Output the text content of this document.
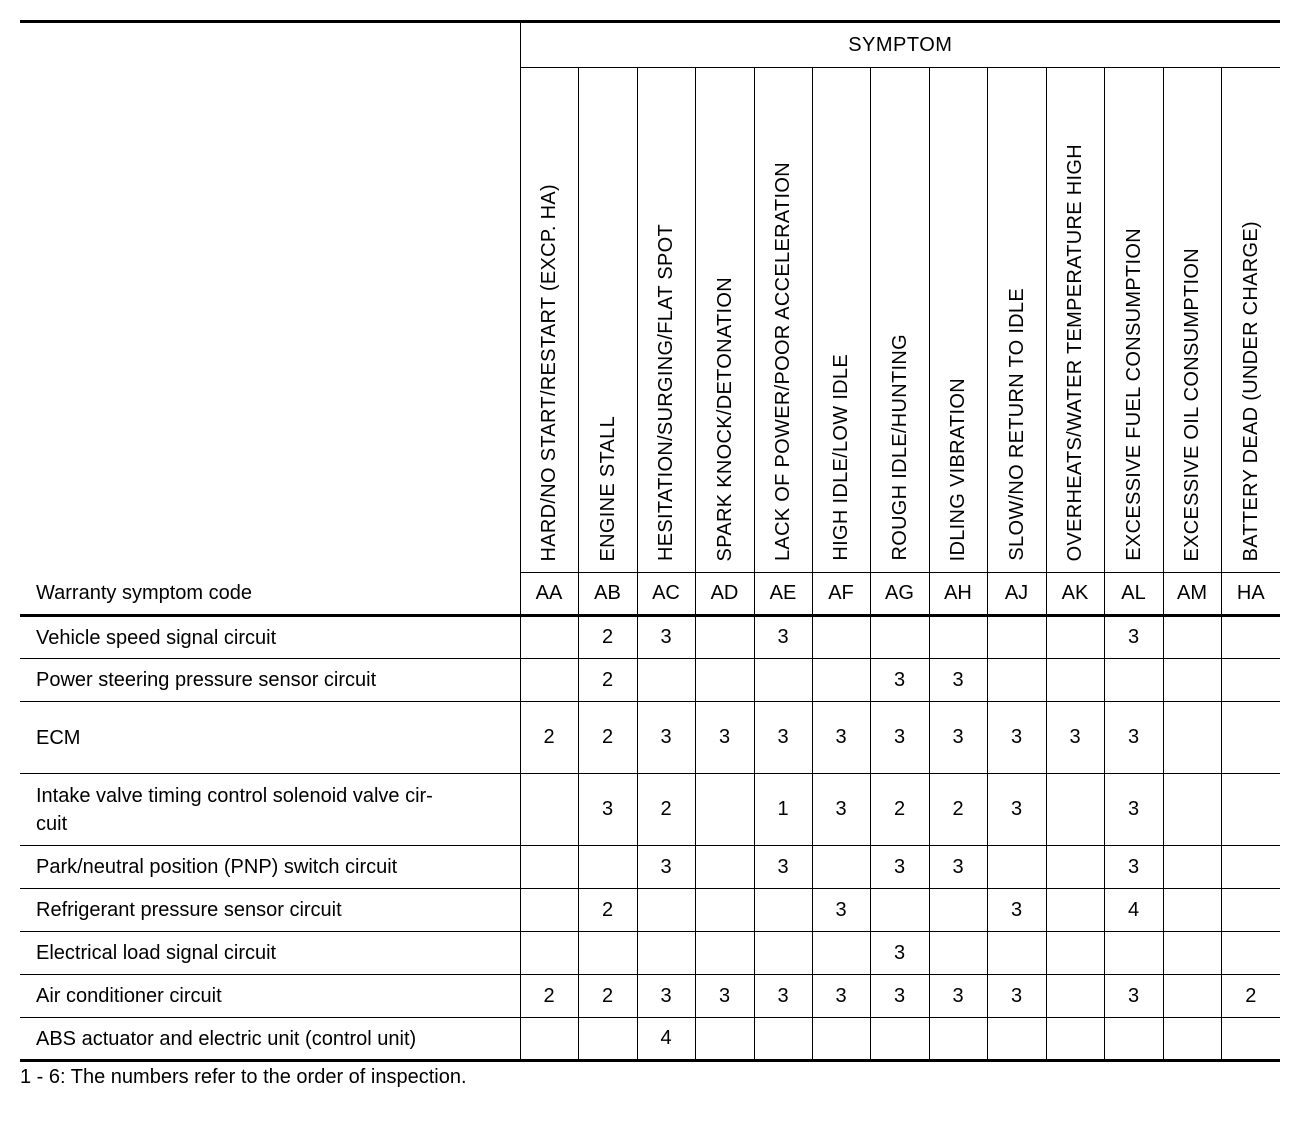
	SYMPTOM												
	HARD/NO START/RESTART (EXCP. HA)	ENGINE STALL	HESITATION/SURGING/FLAT SPOT	SPARK KNOCK/DETONATION	LACK OF POWER/POOR ACCELERATION	HIGH IDLE/LOW IDLE	ROUGH IDLE/HUNTING	IDLING VIBRATION	SLOW/NO RETURN TO IDLE	OVERHEATS/WATER TEMPERATURE HIGH	EXCESSIVE FUEL CONSUMPTION	EXCESSIVE OIL CONSUMPTION	BATTERY DEAD (UNDER CHARGE)
Warranty symptom code	AA	AB	AC	AD	AE	AF	AG	AH	AJ	AK	AL	AM	HA
Vehicle speed signal circuit		2	3		3						3		
Power steering pressure sensor circuit		2					3	3					
ECM	2	2	3	3	3	3	3	3	3	3	3		
Intake valve timing control solenoid valve cir-
cuit		3	2		1	3	2	2	3		3		
Park/neutral position (PNP) switch circuit			3		3		3	3			3		
Refrigerant pressure sensor circuit		2				3			3		4		
Electrical load signal circuit							3						
Air conditioner circuit	2	2	3	3	3	3	3	3	3		3		2
ABS actuator and electric unit (control unit)			4										
1 - 6: The numbers refer to the order of inspection.
